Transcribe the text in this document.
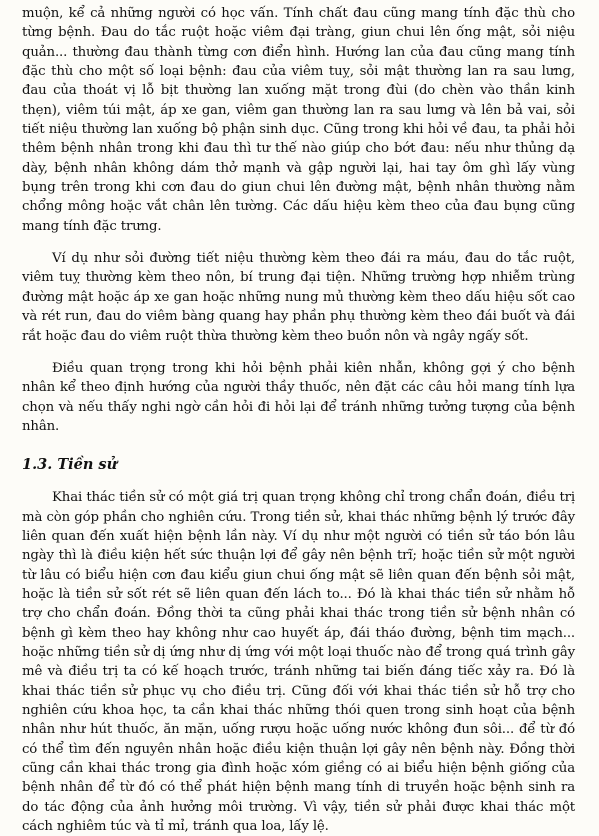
muộn, kể cả những người có học vấn. Tính chất đau cũng mang tính đặc thù cho từng bệnh. Đau do tắc ruột hoặc viêm đại tràng, giun chui lên ống mật, sỏi niệu quản... thường đau thành từng cơn điển hình. Hướng lan của đau cũng mang tính đặc thù cho một số loại bệnh: đau của viêm tuỵ, sỏi mật thường lan ra sau lưng, đau của thoát vị lỗ bịt thường lan xuống mặt trong đùi (do chèn vào thần kinh thẹn), viêm túi mật, áp xe gan, viêm gan thường lan ra sau lưng và lên bả vai, sỏi tiết niệu thường lan xuống bộ phận sinh dục. Cũng trong khi hỏi về đau, ta phải hỏi thêm bệnh nhân trong khi đau thì tư thế nào giúp cho bớt đau: nếu như thủng dạ dày, bệnh nhân không dám thở mạnh và gập người lại, hai tay ôm ghì lấy vùng bụng trên trong khi cơn đau do giun chui lên đường mật, bệnh nhân thường nằm chổng mông hoặc vắt chân lên tường. Các dấu hiệu kèm theo của đau bụng cũng mang tính đặc trưng.

Ví dụ như sỏi đường tiết niệu thường kèm theo đái ra máu, đau do tắc ruột, viêm tuỵ thường kèm theo nôn, bí trung đại tiện. Những trường hợp nhiễm trùng đường mật hoặc áp xe gan hoặc những nung mủ thường kèm theo dấu hiệu sốt cao và rét run, đau do viêm bàng quang hay phần phụ thường kèm theo đái buốt và đái rắt hoặc đau do viêm ruột thừa thường kèm theo buồn nôn và ngây ngấy sốt.

Điều quan trọng trong khi hỏi bệnh phải kiên nhẫn, không gợi ý cho bệnh nhân kể theo định hướng của người thầy thuốc, nên đặt các câu hỏi mang tính lựa chọn và nếu thấy nghi ngờ cần hỏi đi hỏi lại để tránh những tưởng tượng của bệnh nhân.

1.3. Tiền sử

Khai thác tiền sử có một giá trị quan trọng không chỉ trong chẩn đoán, điều trị mà còn góp phần cho nghiên cứu. Trong tiền sử, khai thác những bệnh lý trước đây liên quan đến xuất hiện bệnh lần này. Ví dụ như một người có tiền sử táo bón lâu ngày thì là điều kiện hết sức thuận lợi để gây nên bệnh trĩ; hoặc tiền sử một người từ lâu có biểu hiện cơn đau kiểu giun chui ống mật sẽ liên quan đến bệnh sỏi mật, hoặc là tiền sử sốt rét sẽ liên quan đến lách to... Đó là khai thác tiền sử nhằm hỗ trợ cho chẩn đoán. Đồng thời ta cũng phải khai thác trong tiền sử bệnh nhân có bệnh gì kèm theo hay không như cao huyết áp, đái tháo đường, bệnh tim mạch... hoặc những tiền sử dị ứng như dị ứng với một loại thuốc nào để trong quá trình gây mê và điều trị ta có kế hoạch trước, tránh những tai biến đáng tiếc xảy ra. Đó là khai thác tiền sử phục vụ cho điều trị. Cũng đối với khai thác tiền sử hỗ trợ cho nghiên cứu khoa học, ta cần khai thác những thói quen trong sinh hoạt của bệnh nhân như hút thuốc, ăn mặn, uống rượu hoặc uống nước không đun sôi... để từ đó có thể tìm đến nguyên nhân hoặc điều kiện thuận lợi gây nên bệnh này. Đồng thời cũng cần khai thác trong gia đình hoặc xóm giềng có ai biểu hiện bệnh giống của bệnh nhân để từ đó có thể phát hiện bệnh mang tính di truyền hoặc bệnh sinh ra do tác động của ảnh hưởng môi trường. Vì vậy, tiền sử phải được khai thác một cách nghiêm túc và tỉ mỉ, tránh qua loa, lấy lệ.
